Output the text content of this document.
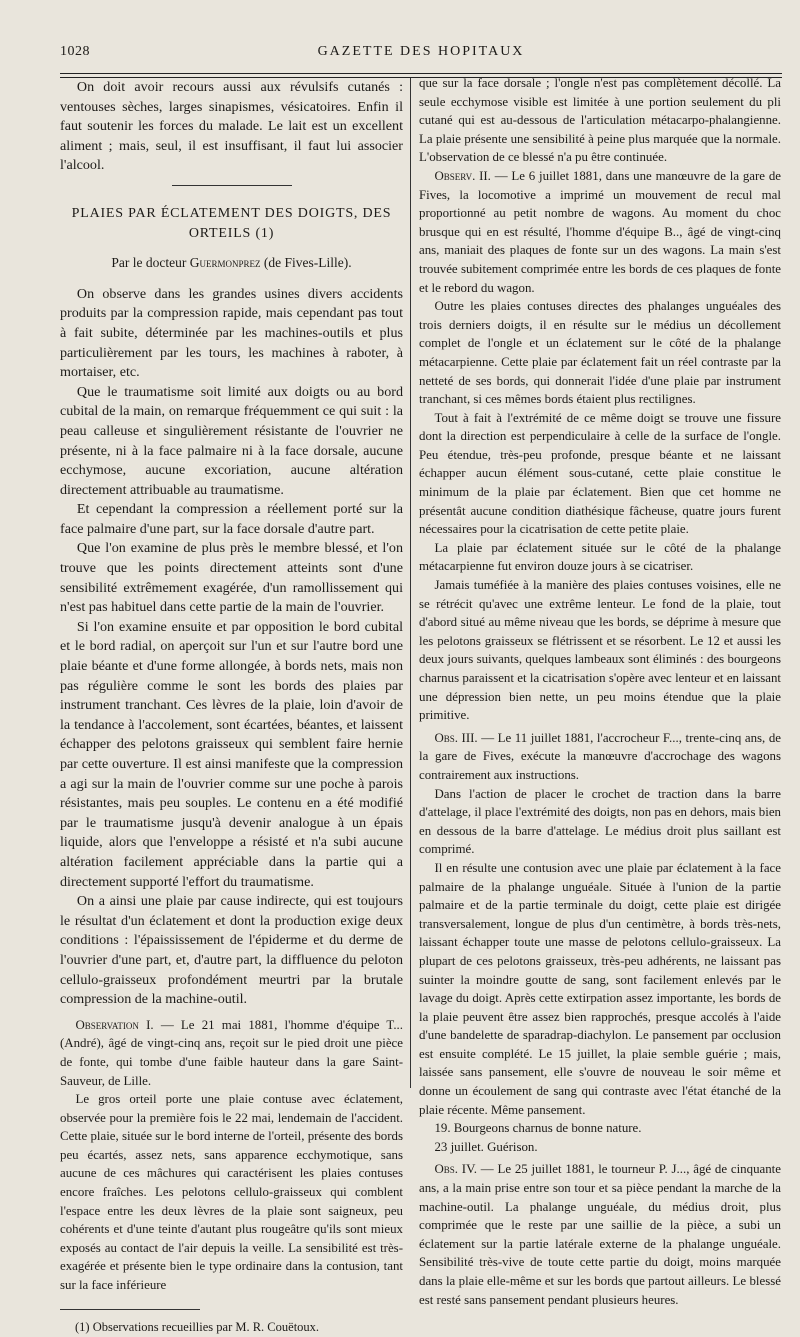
1028	GAZETTE DES HOPITAUX

On doit avoir recours aussi aux révulsifs cutanés : ventouses sèches, larges sinapismes, vésicatoires. Enfin il faut soutenir les forces du malade. Le lait est un excellent aliment ; mais, seul, il est insuffisant, il faut lui associer l'alcool.

PLAIES PAR ÉCLATEMENT DES DOIGTS, DES ORTEILS (1)
Par le docteur Guermonprez (de Fives-Lille).

On observe dans les grandes usines divers accidents produits par la compression rapide, mais cependant pas tout à fait subite, déterminée par les machines-outils et plus particulièrement par les tours, les machines à raboter, à mortaiser, etc.

Que le traumatisme soit limité aux doigts ou au bord cubital de la main, on remarque fréquemment ce qui suit : la peau calleuse et singulièrement résistante de l'ouvrier ne présente, ni à la face palmaire ni à la face dorsale, aucune ecchymose, aucune excoriation, aucune altération directement attribuable au traumatisme.

Et cependant la compression a réellement porté sur la face palmaire d'une part, sur la face dorsale d'autre part.

Que l'on examine de plus près le membre blessé, et l'on trouve que les points directement atteints sont d'une sensibilité extrêmement exagérée, d'un ramollissement qui n'est pas habituel dans cette partie de la main de l'ouvrier.

Si l'on examine ensuite et par opposition le bord cubital et le bord radial, on aperçoit sur l'un et sur l'autre bord une plaie béante et d'une forme allongée, à bords nets, mais non pas régulière comme le sont les bords des plaies par instrument tranchant. Ces lèvres de la plaie, loin d'avoir de la tendance à l'accolement, sont écartées, béantes, et laissent échapper des pelotons graisseux qui semblent faire hernie par cette ouverture. Il est ainsi manifeste que la compression a agi sur la main de l'ouvrier comme sur une poche à parois résistantes, mais peu souples. Le contenu en a été modifié par le traumatisme jusqu'à devenir analogue à un épais liquide, alors que l'enveloppe a résisté et n'a subi aucune altération facilement appréciable dans la partie qui a directement supporté l'effort du traumatisme.

On a ainsi une plaie par cause indirecte, qui est toujours le résultat d'un éclatement et dont la production exige deux conditions : l'épaississement de l'épiderme et du derme de l'ouvrier d'une part, et, d'autre part, la diffluence du peloton cellulo-graisseux profondément meurtri par la brutale compression de la machine-outil.

Observation I. — Le 21 mai 1881, l'homme d'équipe T... (André), âgé de vingt-cinq ans, reçoit sur le pied droit une pièce de fonte, qui tombe d'une faible hauteur dans la gare Saint-Sauveur, de Lille.

Le gros orteil porte une plaie contuse avec éclatement, observée pour la première fois le 22 mai, lendemain de l'accident. Cette plaie, située sur le bord interne de l'orteil, présente des bords peu écartés, assez nets, sans apparence ecchymotique, sans aucune de ces mâchures qui caractérisent les plaies contuses encore fraîches. Les pelotons cellulo-graisseux qui comblent l'espace entre les deux lèvres de la plaie sont saigneux, peu cohérents et d'une teinte d'autant plus rougeâtre qu'ils sont mieux exposés au contact de l'air depuis la veille. La sensibilité est très-exagérée et présente bien le type ordinaire dans la contusion, tant sur la face inférieure

(1) Observations recueillies par M. R. Couëtoux.

que sur la face dorsale ; l'ongle n'est pas complètement décollé. La seule ecchymose visible est limitée à une portion seulement du pli cutané qui est au-dessous de l'articulation métacarpo-phalangienne. La plaie présente une sensibilité à peine plus marquée que la normale. L'observation de ce blessé n'a pu être continuée.

Observ. II. — Le 6 juillet 1881, dans une manœuvre de la gare de Fives, la locomotive a imprimé un mouvement de recul mal proportionné au petit nombre de wagons. Au moment du choc brusque qui en est résulté, l'homme d'équipe B.., âgé de vingt-cinq ans, maniait des plaques de fonte sur un des wagons. La main s'est trouvée subitement comprimée entre les bords de ces plaques de fonte et le rebord du wagon.

Outre les plaies contuses directes des phalanges unguéales des trois derniers doigts, il en résulte sur le médius un décollement complet de l'ongle et un éclatement sur le côté de la phalange métacarpienne. Cette plaie par éclatement fait un réel contraste par la netteté de ses bords, qui donnerait l'idée d'une plaie par instrument tranchant, si ces mêmes bords étaient plus rectilignes.

Tout à fait à l'extrémité de ce même doigt se trouve une fissure dont la direction est perpendiculaire à celle de la surface de l'ongle. Peu étendue, très-peu profonde, presque béante et ne laissant échapper aucun élément sous-cutané, cette plaie constitue le minimum de la plaie par éclatement. Bien que cet homme ne présentât aucune condition diathésique fâcheuse, quatre jours furent nécessaires pour la cicatrisation de cette petite plaie.

La plaie par éclatement située sur le côté de la phalange métacarpienne fut environ douze jours à se cicatriser.

Jamais tuméfiée à la manière des plaies contuses voisines, elle ne se rétrécit qu'avec une extrême lenteur. Le fond de la plaie, tout d'abord situé au même niveau que les bords, se déprime à mesure que les pelotons graisseux se flétrissent et se résorbent. Le 12 et aussi les deux jours suivants, quelques lambeaux sont éliminés : des bourgeons charnus paraissent et la cicatrisation s'opère avec lenteur et en laissant une dépression bien nette, un peu moins étendue que la plaie primitive.

Obs. III. — Le 11 juillet 1881, l'accrocheur F..., trente-cinq ans, de la gare de Fives, exécute la manœuvre d'accrochage des wagons contrairement aux instructions.

Dans l'action de placer le crochet de traction dans la barre d'attelage, il place l'extrémité des doigts, non pas en dehors, mais bien en dessous de la barre d'attelage. Le médius droit plus saillant est comprimé.

Il en résulte une contusion avec une plaie par éclatement à la face palmaire de la phalange unguéale. Située à l'union de la partie palmaire et de la partie terminale du doigt, cette plaie est dirigée transversalement, longue de plus d'un centimètre, à bords très-nets, laissant échapper toute une masse de pelotons cellulo-graisseux. La plupart de ces pelotons graisseux, très-peu adhérents, ne laissant pas suinter la moindre goutte de sang, sont facilement enlevés par le lavage du doigt. Après cette extirpation assez importante, les bords de la plaie peuvent être assez bien rapprochés, presque accolés à l'aide d'une bandelette de sparadrap-diachylon. Le pansement par occlusion est ensuite complété. Le 15 juillet, la plaie semble guérie ; mais, laissée sans pansement, elle s'ouvre de nouveau le soir même et donne un écoulement de sang qui contraste avec l'état étanché de la plaie récente. Même pansement.

19. Bourgeons charnus de bonne nature.

23 juillet. Guérison.

Obs. IV. — Le 25 juillet 1881, le tourneur P. J..., âgé de cinquante ans, a la main prise entre son tour et sa pièce pendant la marche de la machine-outil. La phalange unguéale, du médius droit, plus comprimée que le reste par une saillie de la pièce, a subi un éclatement sur la partie latérale externe de la phalange unguéale. Sensibilité très-vive de toute cette partie du doigt, moins marquée dans la plaie elle-même et sur les bords que partout ailleurs. Le blessé est resté sans pansement pendant plusieurs heures.
